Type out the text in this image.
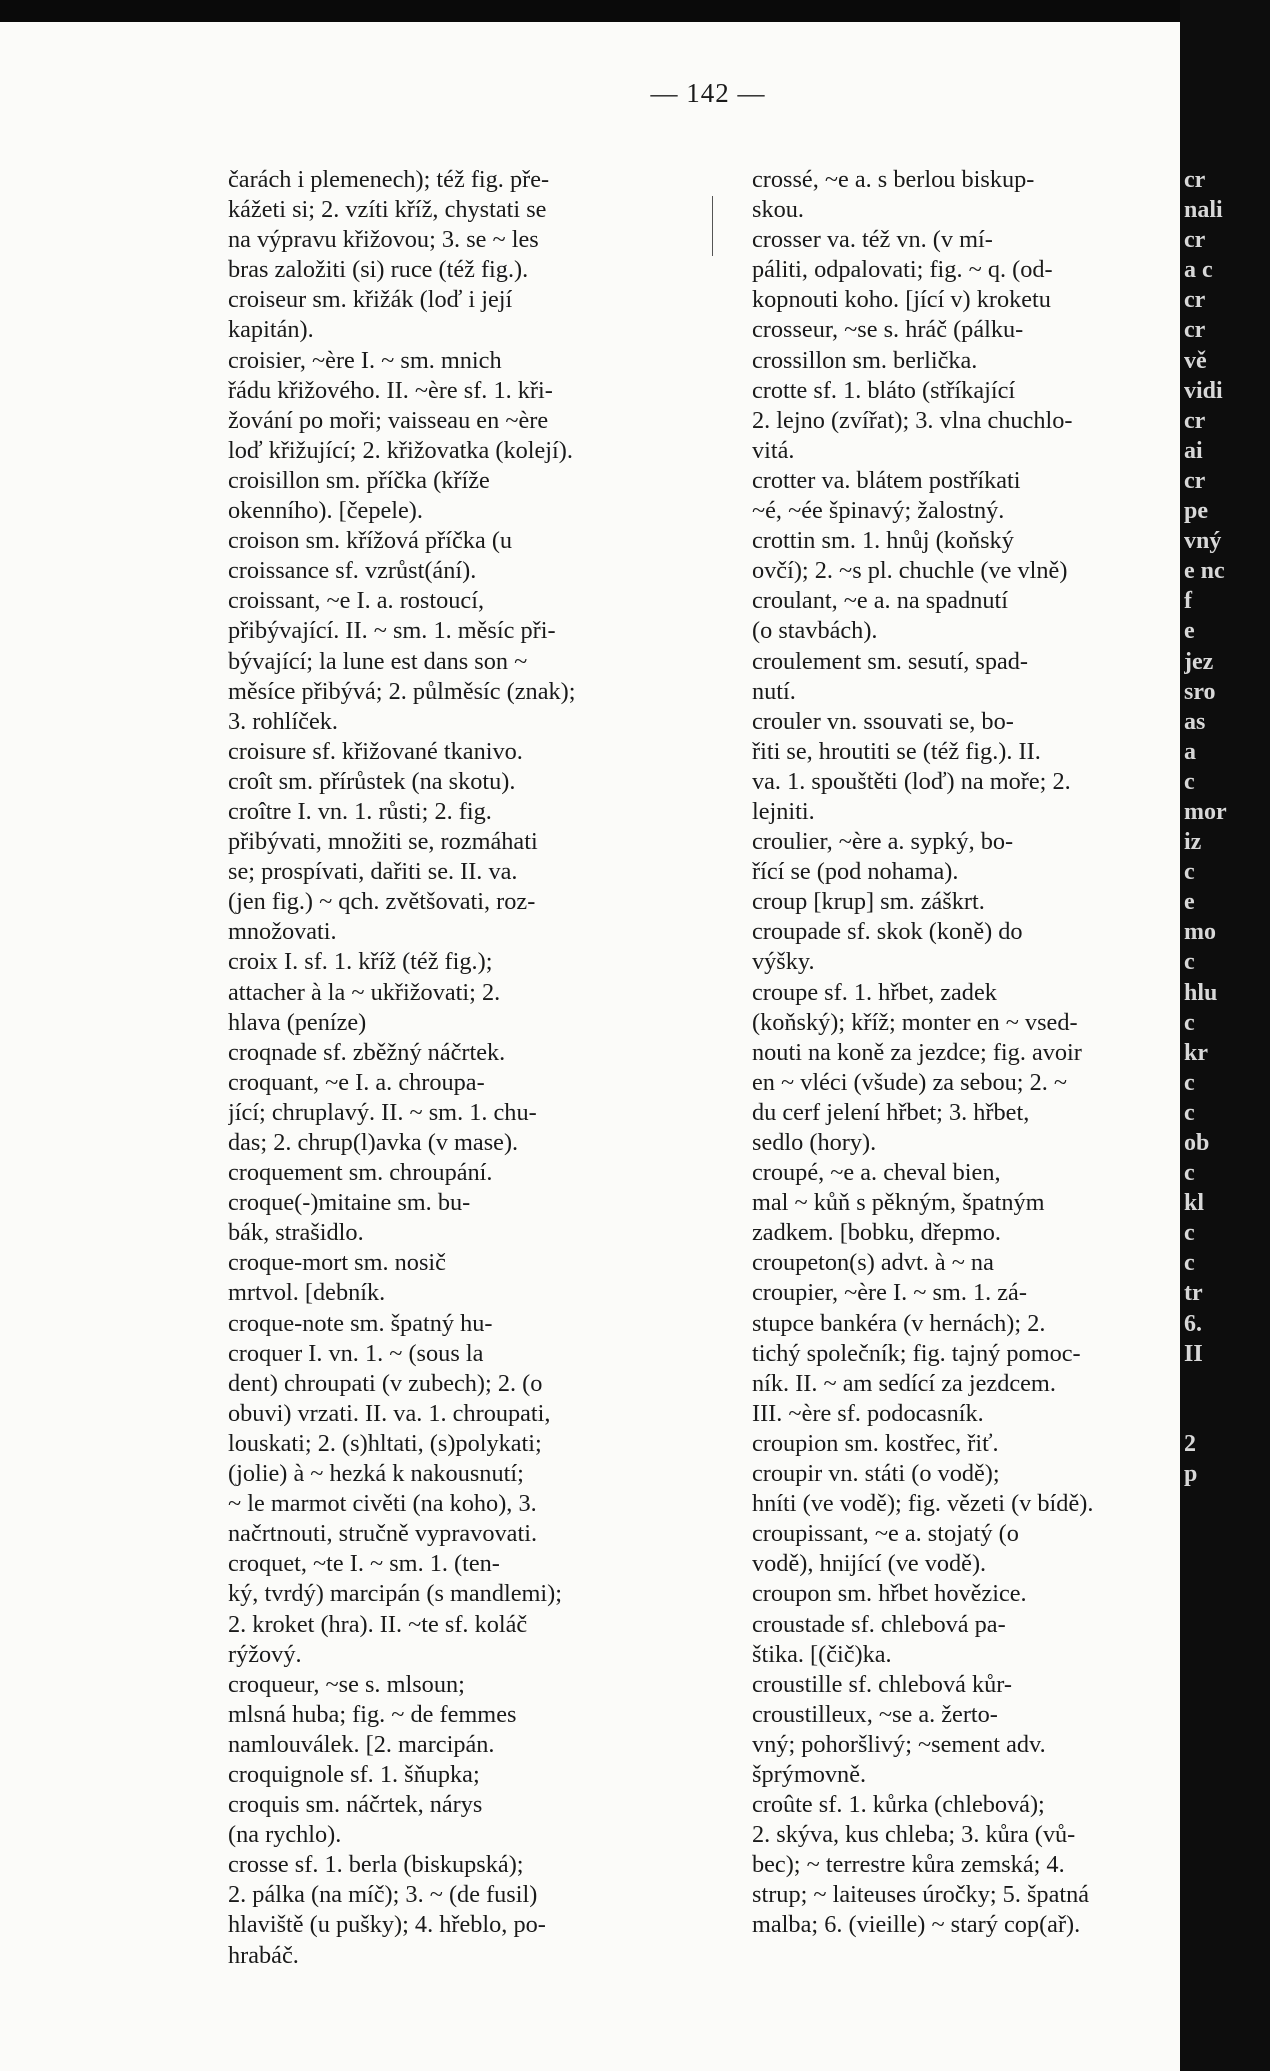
— 142 —
čarách i plemenech); též fig. pře-
kážeti si; 2. vzíti kříž, chystati se
na výpravu křižovou; 3. se ~ les
bras založiti (si) ruce (též fig.).
croiseur sm. křižák (loď i její
kapitán).
croisier, ~ère I. ~ sm. mnich
řádu křižového. II. ~ère sf. 1. kři-
žování po moři; vaisseau en ~ère
loď křižující; 2. křižovatka (kolejí).
croisillon sm. příčka (kříže
okenního). [čepele).
croison sm. křížová příčka (u
croissance sf. vzrůst(ání).
croissant, ~e I. a. rostoucí,
přibývající. II. ~ sm. 1. měsíc při-
bývající; la lune est dans son ~
měsíce přibývá; 2. půlměsíc (znak);
3. rohlíček.
croisure sf. křižované tkanivo.
croît sm. přírůstek (na skotu).
croître I. vn. 1. růsti; 2. fig.
přibývati, množiti se, rozmáhati
se; prospívati, dařiti se. II. va.
(jen fig.) ~ qch. zvětšovati, roz-
množovati.
croix I. sf. 1. kříž (též fig.);
attacher à la ~ ukřižovati; 2.
hlava (peníze)
croqnade sf. zběžný náčrtek.
croquant, ~e I. a. chroupa-
jící; chruplavý. II. ~ sm. 1. chu-
das; 2. chrup(l)avka (v mase).
croquement sm. chroupání.
croque(-)mitaine sm. bu-
bák, strašidlo.
croque-mort sm. nosič
mrtvol. [debník.
croque-note sm. špatný hu-
croquer I. vn. 1. ~ (sous la
dent) chroupati (v zubech); 2. (o
obuvi) vrzati. II. va. 1. chroupati,
louskati; 2. (s)hltati, (s)polykati;
(jolie) à ~ hezká k nakousnutí;
~ le marmot civěti (na koho), 3.
načrtnouti, stručně vypravovati.
croquet, ~te I. ~ sm. 1. (ten-
ký, tvrdý) marcipán (s mandlemi);
2. kroket (hra). II. ~te sf. koláč
rýžový.
croqueur, ~se s. mlsoun;
mlsná huba; fig. ~ de femmes
namlouválek. [2. marcipán.
croquignole sf. 1. šňupka;
croquis sm. náčrtek, nárys
(na rychlo).
crosse sf. 1. berla (biskupská);
2. pálka (na míč); 3. ~ (de fusil)
hlaviště (u pušky); 4. hřeblo, po-
hrabáč.
crossé, ~e a. s berlou biskup-
skou.
crosser va. též vn. (v mí-
páliti, odpalovati; fig. ~ q. (od-
kopnouti koho. [jící v) kroketu
crosseur, ~se s. hráč (pálku-
crossillon sm. berlička.
crotte sf. 1. bláto (stříkající
2. lejno (zvířat); 3. vlna chuchlo-
vitá.
crotter va. blátem postříkati
~é, ~ée špinavý; žalostný.
crottin sm. 1. hnůj (koňský
ovčí); 2. ~s pl. chuchle (ve vlně)
croulant, ~e a. na spadnutí
(o stavbách).
croulement sm. sesutí, spad-
nutí.
crouler vn. ssouvati se, bo-
řiti se, hroutiti se (též fig.). II.
va. 1. spouštěti (loď) na moře; 2.
lejniti.
croulier, ~ère a. sypký, bo-
řící se (pod nohama).
croup [krup] sm. záškrt.
croupade sf. skok (koně) do
výšky.
croupe sf. 1. hřbet, zadek
(koňský); kříž; monter en ~ vsed-
nouti na koně za jezdce; fig. avoir
en ~ vléci (všude) za sebou; 2. ~
du cerf jelení hřbet; 3. hřbet,
sedlo (hory).
croupé, ~e a. cheval bien,
mal ~ kůň s pěkným, špatným
zadkem. [bobku, dřepmo.
croupeton(s) advt. à ~ na
croupier, ~ère I. ~ sm. 1. zá-
stupce bankéra (v hernách); 2.
tichý společník; fig. tajný pomoc-
ník. II. ~ am sedící za jezdcem.
III. ~ère sf. podocasník.
croupion sm. kostřec, řiť.
croupir vn. státi (o vodě);
hníti (ve vodě); fig. vězeti (v bídě).
croupissant, ~e a. stojatý (o
vodě), hnijící (ve vodě).
croupon sm. hřbet hovězice.
croustade sf. chlebová pa-
štika. [(čič)ka.
croustille sf. chlebová kůr-
croustilleux, ~se a. žerto-
vný; pohoršlivý; ~sement adv.
šprýmovně.
croûte sf. 1. kůrka (chlebová);
2. skýva, kus chleba; 3. kůra (vů-
bec); ~ terrestre kůra zemská; 4.
strup; ~ laiteuses úročky; 5. špatná
malba; 6. (vieille) ~ starý cop(ař).
cr
nali
cr
a c
cr
cr
vě
vidi
cr
ai
cr
pe
vný
e nc
f
e
jez
sro
as
a
c
mor
iz
c
e
mo
c
hlu
c
kr
c
c
ob
c
kl
c
c
tr
6.
II
2
p
